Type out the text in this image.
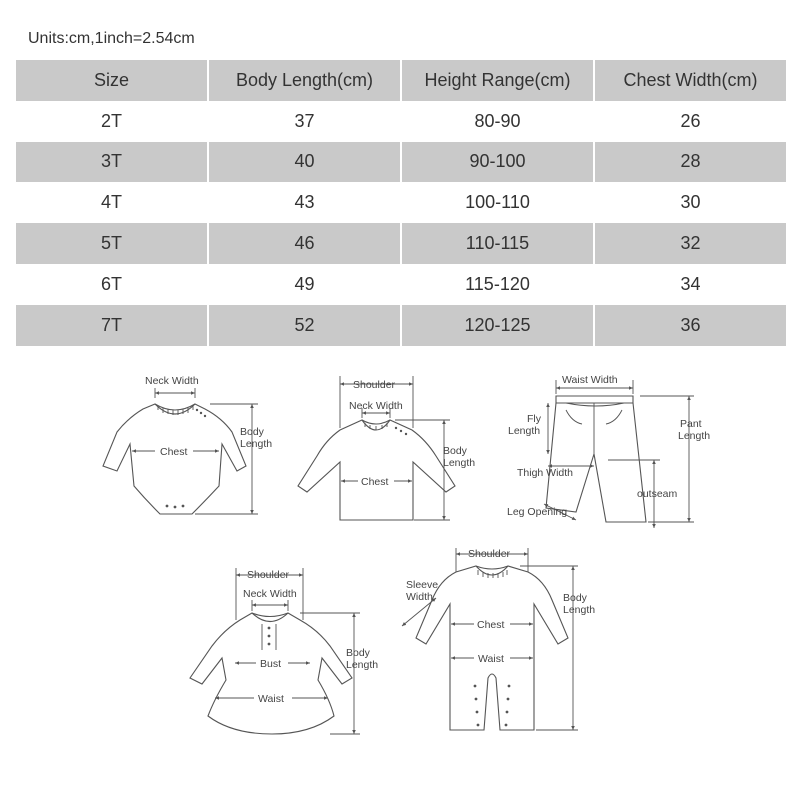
Units:cm,1inch=2.54cm
Size	Body Length(cm)	Height Range(cm)	Chest Width(cm)
2T	37	80-90	26
3T	40	90-100	28
4T	43	100-110	30
5T	46	110-115	32
6T	49	115-120	34
7T	52	120-125	36
Neck Width
Chest
Body Length
Shoulder
Neck Width
Chest
Body Length
Waist Width
Fly Length
Pant Length
Thigh Width
outseam
Leg Opening
Shoulder
Neck Width
Bust
Waist
Body Length
Shoulder
Sleeve Width
Chest
Waist
Body Length
